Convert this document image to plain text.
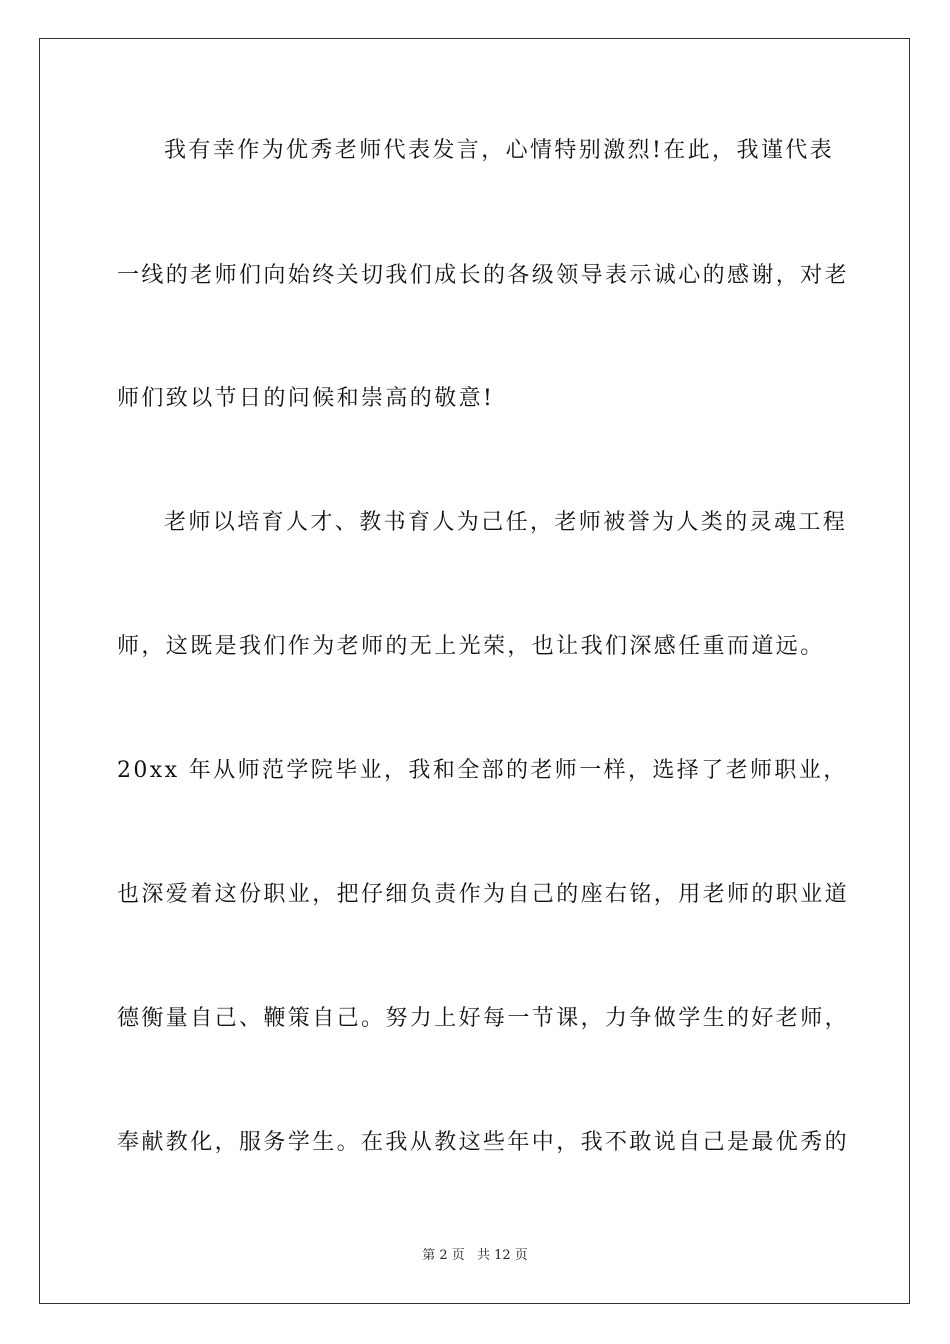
我有幸作为优秀老师代表发言，心情特别激烈!在此，我谨代表
一线的老师们向始终关切我们成长的各级领导表示诚心的感谢，对老
师们致以节日的问候和崇高的敬意!
老师以培育人才、教书育人为己任，老师被誉为人类的灵魂工程
师，这既是我们作为老师的无上光荣，也让我们深感任重而道远。
20xx 年从师范学院毕业，我和全部的老师一样，选择了老师职业，
也深爱着这份职业，把仔细负责作为自己的座右铭，用老师的职业道
德衡量自己、鞭策自己。努力上好每一节课，力争做学生的好老师，
奉献教化，服务学生。在我从教这些年中，我不敢说自己是最优秀的
第 2 页 共 12 页
